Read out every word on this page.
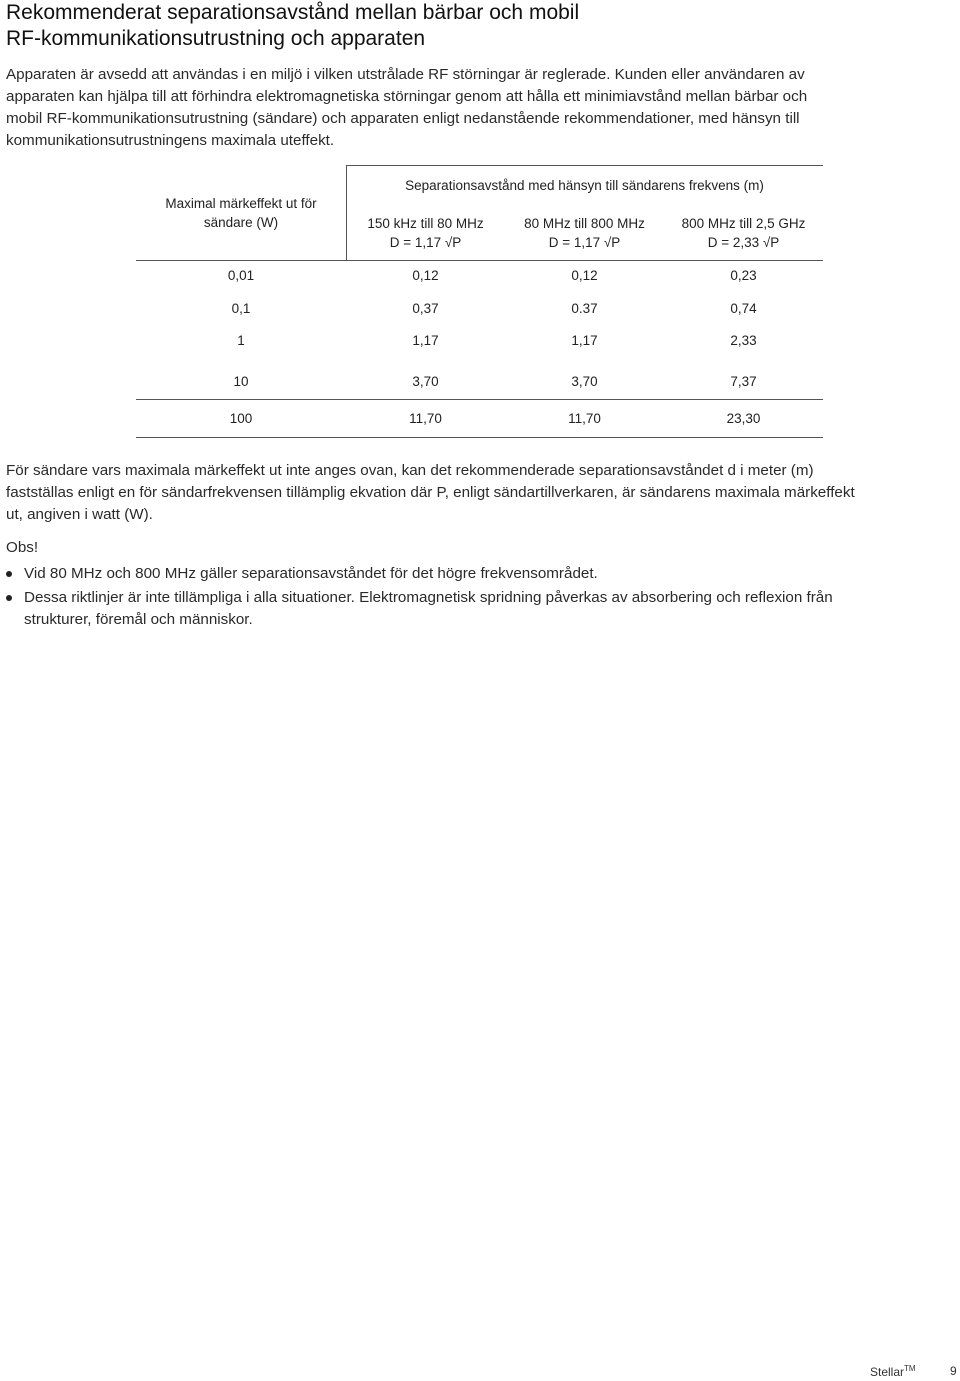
Rekommenderat separationsavstånd mellan bärbar och mobil
RF-kommunikationsutrustning och apparaten
Apparaten är avsedd att användas i en miljö i vilken utstrålade RF störningar är reglerade. Kunden eller användaren av
apparaten kan hjälpa till att förhindra elektromagnetiska störningar genom att hålla ett minimiavstånd mellan bärbar och
mobil RF-kommunikationsutrustning (sändare) och apparaten enligt nedanstående rekommendationer, med hänsyn till
kommunikationsutrustningens maximala uteffekt.
Maximal märkeffekt ut för
sändare (W)
Separationsavstånd med hänsyn till sändarens frekvens (m)
150 kHz till 80 MHz
D = 1,17 √P
80 MHz till 800 MHz
D = 1,17 √P
800 MHz till 2,5 GHz
D = 2,33 √P
0,01	0,12	0,12	0,23
0,1	0,37	0.37	0,74
1	1,17	1,17	2,33
10	3,70	3,70	7,37
100	11,70	11,70	23,30
För sändare vars maximala märkeffekt ut inte anges ovan, kan det rekommenderade separationsavståndet d i meter (m)
fastställas enligt en för sändarfrekvensen tillämplig ekvation där P, enligt sändartillverkaren, är sändarens maximala märkeffekt
ut, angiven i watt (W).
Obs!
Vid 80 MHz och 800 MHz gäller separationsavståndet för det högre frekvensområdet.
Dessa riktlinjer är inte tillämpliga i alla situationer. Elektromagnetisk spridning påverkas av absorbering och reflexion från
strukturer, föremål och människor.
Stellar™	9
